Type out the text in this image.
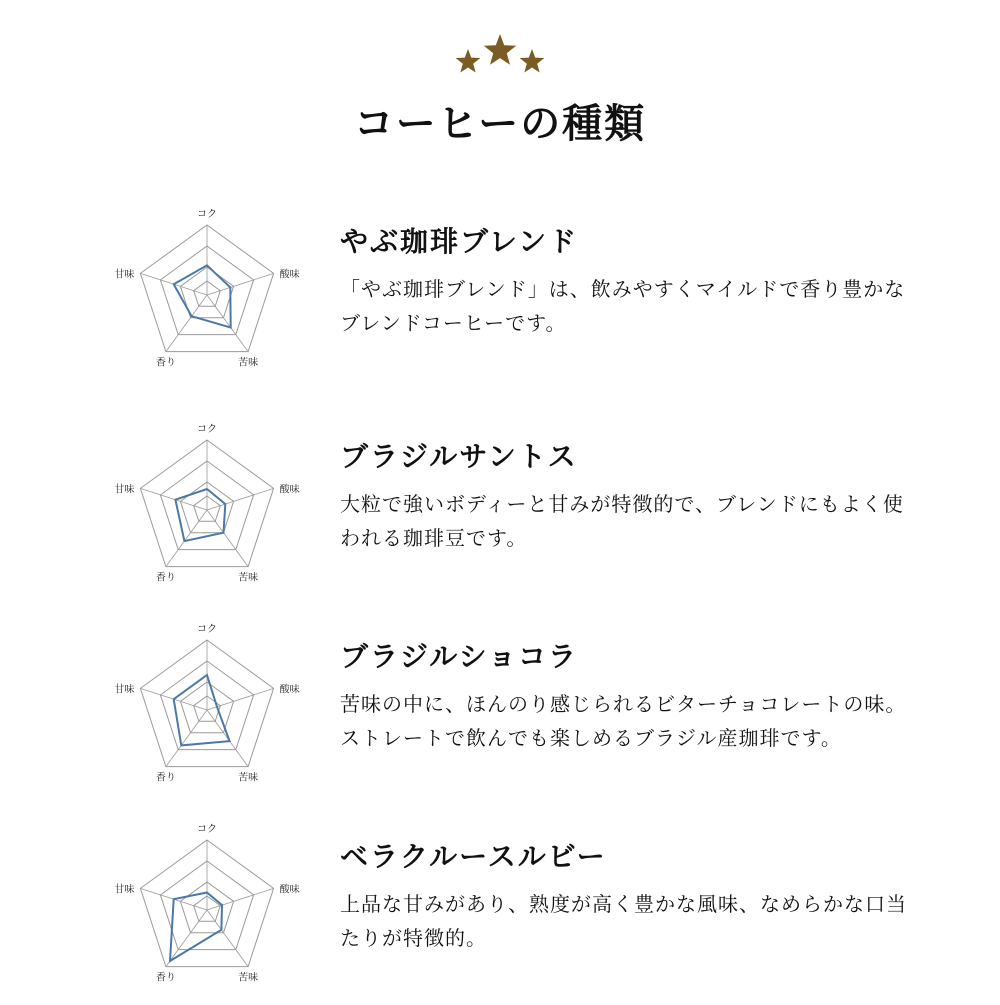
コーヒーの種類
コク
酸味
苦味
香り
甘味
やぶ珈琲ブレンド

「やぶ珈琲ブレンド」は、飲みやすくマイルドで香り豊かなブレンドコーヒーです。

コク
酸味
苦味
香り
甘味
ブラジルサントス

大粒で強いボディーと甘みが特徴的で、ブレンドにもよく使われる珈琲豆です。

コク
酸味
苦味
香り
甘味
ブラジルショコラ

苦味の中に、ほんのり感じられるビターチョコレートの味。ストレートで飲んでも楽しめるブラジル産珈琲です。

コク
酸味
苦味
香り
甘味
ベラクルースルビー

上品な甘みがあり、熟度が高く豊かな風味、なめらかな口当たりが特徴的。
